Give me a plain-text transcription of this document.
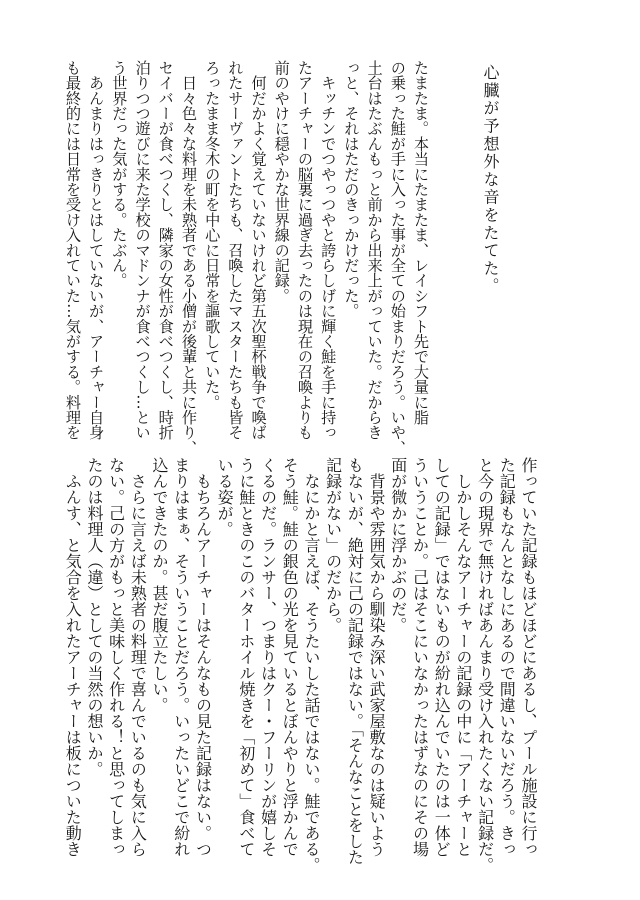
心臓が予想外な音をたてた。
たまたま。本当にたまたま、レイシフト先で大量に脂
の乗った鮭が手に入った事が全ての始まりだろう。いや、
土台はたぶんもっと前から出来上がっていた。だからき
っと、それはただのきっかけだった。
　キッチンでつやっつやと誇らしげに輝く鮭を手に持っ
たアーチャーの脳裏に過ぎ去ったのは現在の召喚よりも
前のやけに穏やかな世界線の記録。
　何だかよく覚えていないけれど第五次聖杯戦争で喚ば
れたサーヴァントたちも、召喚したマスターたちも皆そ
ろったまま冬木の町を中心に日常を謳歌していた。
　日々色々な料理を未熟者である小僧が後輩と共に作り、
セイバーが食べつくし、隣家の女性が食べつくし、時折
泊りつつ遊びに来た学校のマドンナが食べつくし…とい
う世界だった気がする。たぶん。
　あんまりはっきりとはしていないが、アーチャー自身
も最終的には日常を受け入れていた…気がする。料理を
作っていた記録もほどほどにあるし、プール施設に行っ
た記録もなんとなしにあるので間違いないだろう。きっ
と今の現界で無ければあんまり受け入れたくない記録だ。
　しかしそんなアーチャーの記録の中に「アーチャーと
しての記録」ではないものが紛れ込んでいたのは一体ど
ういうことか。己はそこにいなかったはずなのにその場
面が微かに浮かぶのだ。
　背景や雰囲気から馴染み深い武家屋敷なのは疑いよう
もないが、絶対に己の記録ではない。「そんなことをした
記録がない」のだから。
　なにかと言えば、そうたいした話ではない。鮭である。
そう鮭。鮭の銀色の光を見ているとぼんやりと浮かんで
くるのだ。ランサー、つまりはクー・フーリンが嬉しそ
うに鮭ときのこのバターホイル焼きを「初めて」食べて
いる姿が。
　もちろんアーチャーはそんなもの見た記録はない。つ
まりはまぁ、そういうことだろう。いったいどこで紛れ
込んできたのか。甚だ腹立たしい。
　さらに言えば未熟者の料理で喜んでいるのも気に入ら
ない。己の方がもっと美味しく作れる！と思ってしまっ
たのは料理人（違）としての当然の想いか。
　ふんす、と気合を入れたアーチャーは板についた動き
